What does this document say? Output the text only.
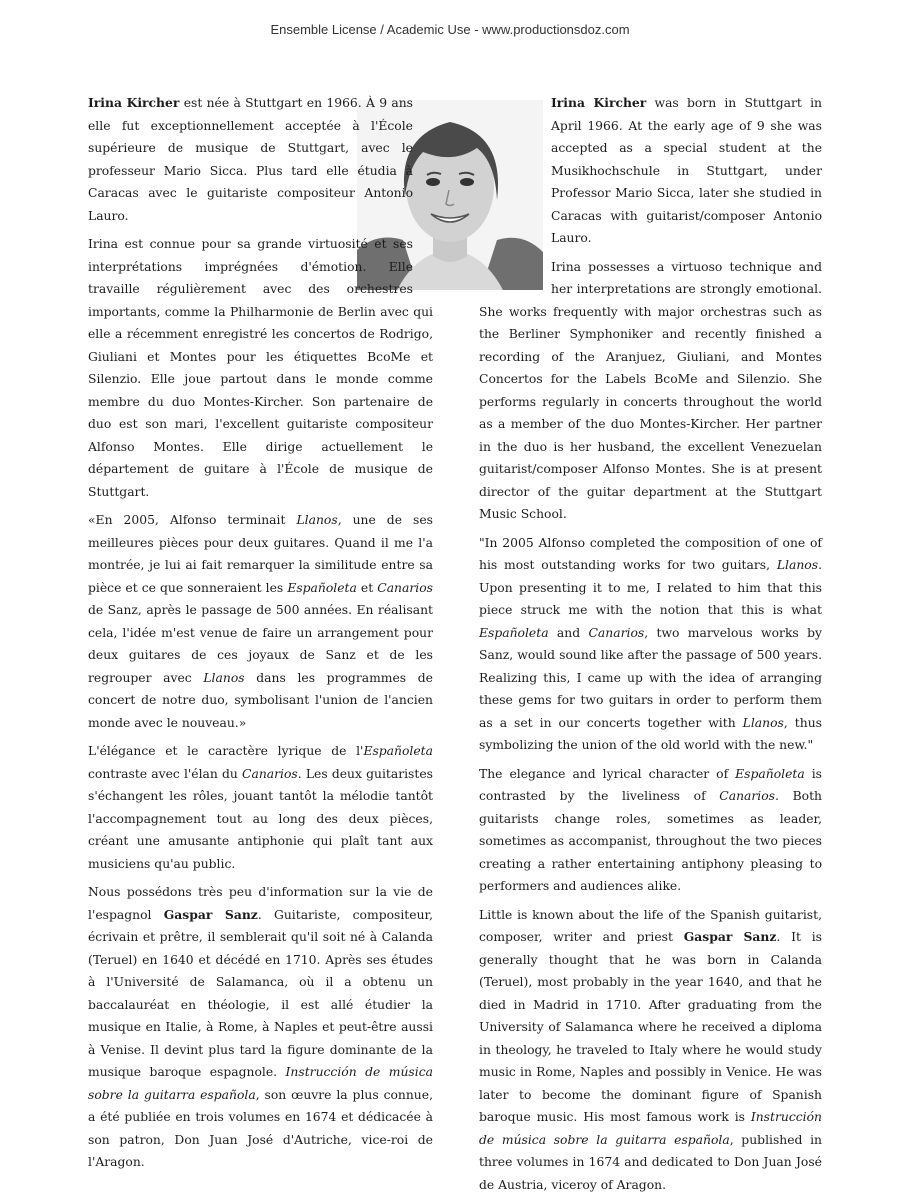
Ensemble License / Academic Use - www.productionsdoz.com

Irina Kircher est née à Stuttgart en 1966. À 9 ans elle fut exceptionnellement acceptée à l'École supérieure de musique de Stuttgart, avec le professeur Mario Sicca. Plus tard elle étudia à Caracas avec le guitariste compositeur Antonio Lauro.

Irina est connue pour sa grande virtuosité et ses interprétations imprégnées d'émotion. Elle travaille régulièrement avec des orchestres importants, comme la Philharmonie de Berlin avec qui elle a récemment enregistré les concertos de Rodrigo, Giuliani et Montes pour les étiquettes BcoMe et Silenzio. Elle joue partout dans le monde comme membre du duo Montes-Kircher. Son partenaire de duo est son mari, l'excellent guitariste compositeur Alfonso Montes. Elle dirige actuellement le département de guitare à l'École de musique de Stuttgart.

«En 2005, Alfonso terminait Llanos, une de ses meilleures pièces pour deux guitares. Quand il me l'a montrée, je lui ai fait remarquer la similitude entre sa pièce et ce que sonneraient les Españoleta et Canarios de Sanz, après le passage de 500 années. En réalisant cela, l'idée m'est venue de faire un arrangement pour deux guitares de ces joyaux de Sanz et de les regrouper avec Llanos dans les programmes de concert de notre duo, symbolisant l'union de l'ancien monde avec le nouveau.»

L'élégance et le caractère lyrique de l'Españoleta contraste avec l'élan du Canarios. Les deux guitaristes s'échangent les rôles, jouant tantôt la mélodie tantôt l'accompagnement tout au long des deux pièces, créant une amusante antiphonie qui plaît tant aux musiciens qu'au public.

Nous possédons très peu d'information sur la vie de l'espagnol Gaspar Sanz. Guitariste, compositeur, écrivain et prêtre, il semblerait qu'il soit né à Calanda (Teruel) en 1640 et décédé en 1710. Après ses études à l'Université de Salamanca, où il a obtenu un baccalauréat en théologie, il est allé étudier la musique en Italie, à Rome, à Naples et peut-être aussi à Venise. Il devint plus tard la figure dominante de la musique baroque espagnole. Instrucción de música sobre la guitarra española, son œuvre la plus connue, a été publiée en trois volumes en 1674 et dédicacée à son patron, Don Juan José d'Autriche, vice-roi de l'Aragon.

Irina Kircher was born in Stuttgart in April 1966. At the early age of 9 she was accepted as a special student at the Musikhochschule in Stuttgart, under Professor Mario Sicca, later she studied in Caracas with guitarist/composer Antonio Lauro.

Irina possesses a virtuoso technique and her interpretations are strongly emotional. She works frequently with major orchestras such as the Berliner Symphoniker and recently finished a recording of the Aranjuez, Giuliani, and Montes Concertos for the Labels BcoMe and Silenzio. She performs regularly in concerts throughout the world as a member of the duo Montes-Kircher. Her partner in the duo is her husband, the excellent Venezuelan guitarist/composer Alfonso Montes. She is at present director of the guitar department at the Stuttgart Music School.

"In 2005 Alfonso completed the composition of one of his most outstanding works for two guitars, Llanos. Upon presenting it to me, I related to him that this piece struck me with the notion that this is what Españoleta and Canarios, two marvelous works by Sanz, would sound like after the passage of 500 years. Realizing this, I came up with the idea of arranging these gems for two guitars in order to perform them as a set in our concerts together with Llanos, thus symbolizing the union of the old world with the new."

The elegance and lyrical character of Españoleta is contrasted by the liveliness of Canarios. Both guitarists change roles, sometimes as leader, sometimes as accompanist, throughout the two pieces creating a rather entertaining antiphony pleasing to performers and audiences alike.

Little is known about the life of the Spanish guitarist, composer, writer and priest Gaspar Sanz. It is generally thought that he was born in Calanda (Teruel), most probably in the year 1640, and that he died in Madrid in 1710. After graduating from the University of Salamanca where he received a diploma in theology, he traveled to Italy where he would study music in Rome, Naples and possibly in Venice. He was later to become the dominant figure of Spanish baroque music. His most famous work is Instrucción de música sobre la guitarra española, published in three volumes in 1674 and dedicated to Don Juan José de Austria, viceroy of Aragon.
